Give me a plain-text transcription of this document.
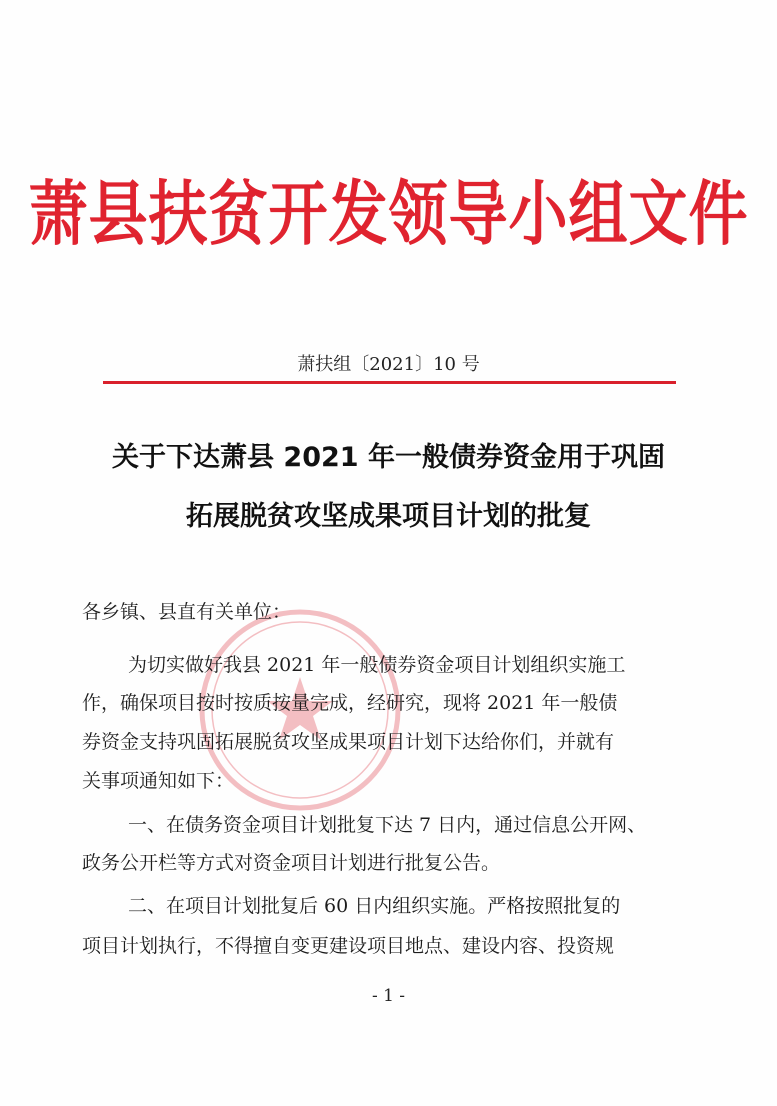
萧县扶贫开发领导小组文件
萧扶组〔2021〕10 号
关于下达萧县 2021 年一般债券资金用于巩固
拓展脱贫攻坚成果项目计划的批复
各乡镇、县直有关单位：
为切实做好我县 2021 年一般债券资金项目计划组织实施工
作，确保项目按时按质按量完成，经研究，现将 2021 年一般债
券资金支持巩固拓展脱贫攻坚成果项目计划下达给你们，并就有
关事项通知如下：
一、在债务资金项目计划批复下达 7 日内，通过信息公开网、
政务公开栏等方式对资金项目计划进行批复公告。
二、在项目计划批复后 60 日内组织实施。严格按照批复的
项目计划执行，不得擅自变更建设项目地点、建设内容、投资规
- 1 -
